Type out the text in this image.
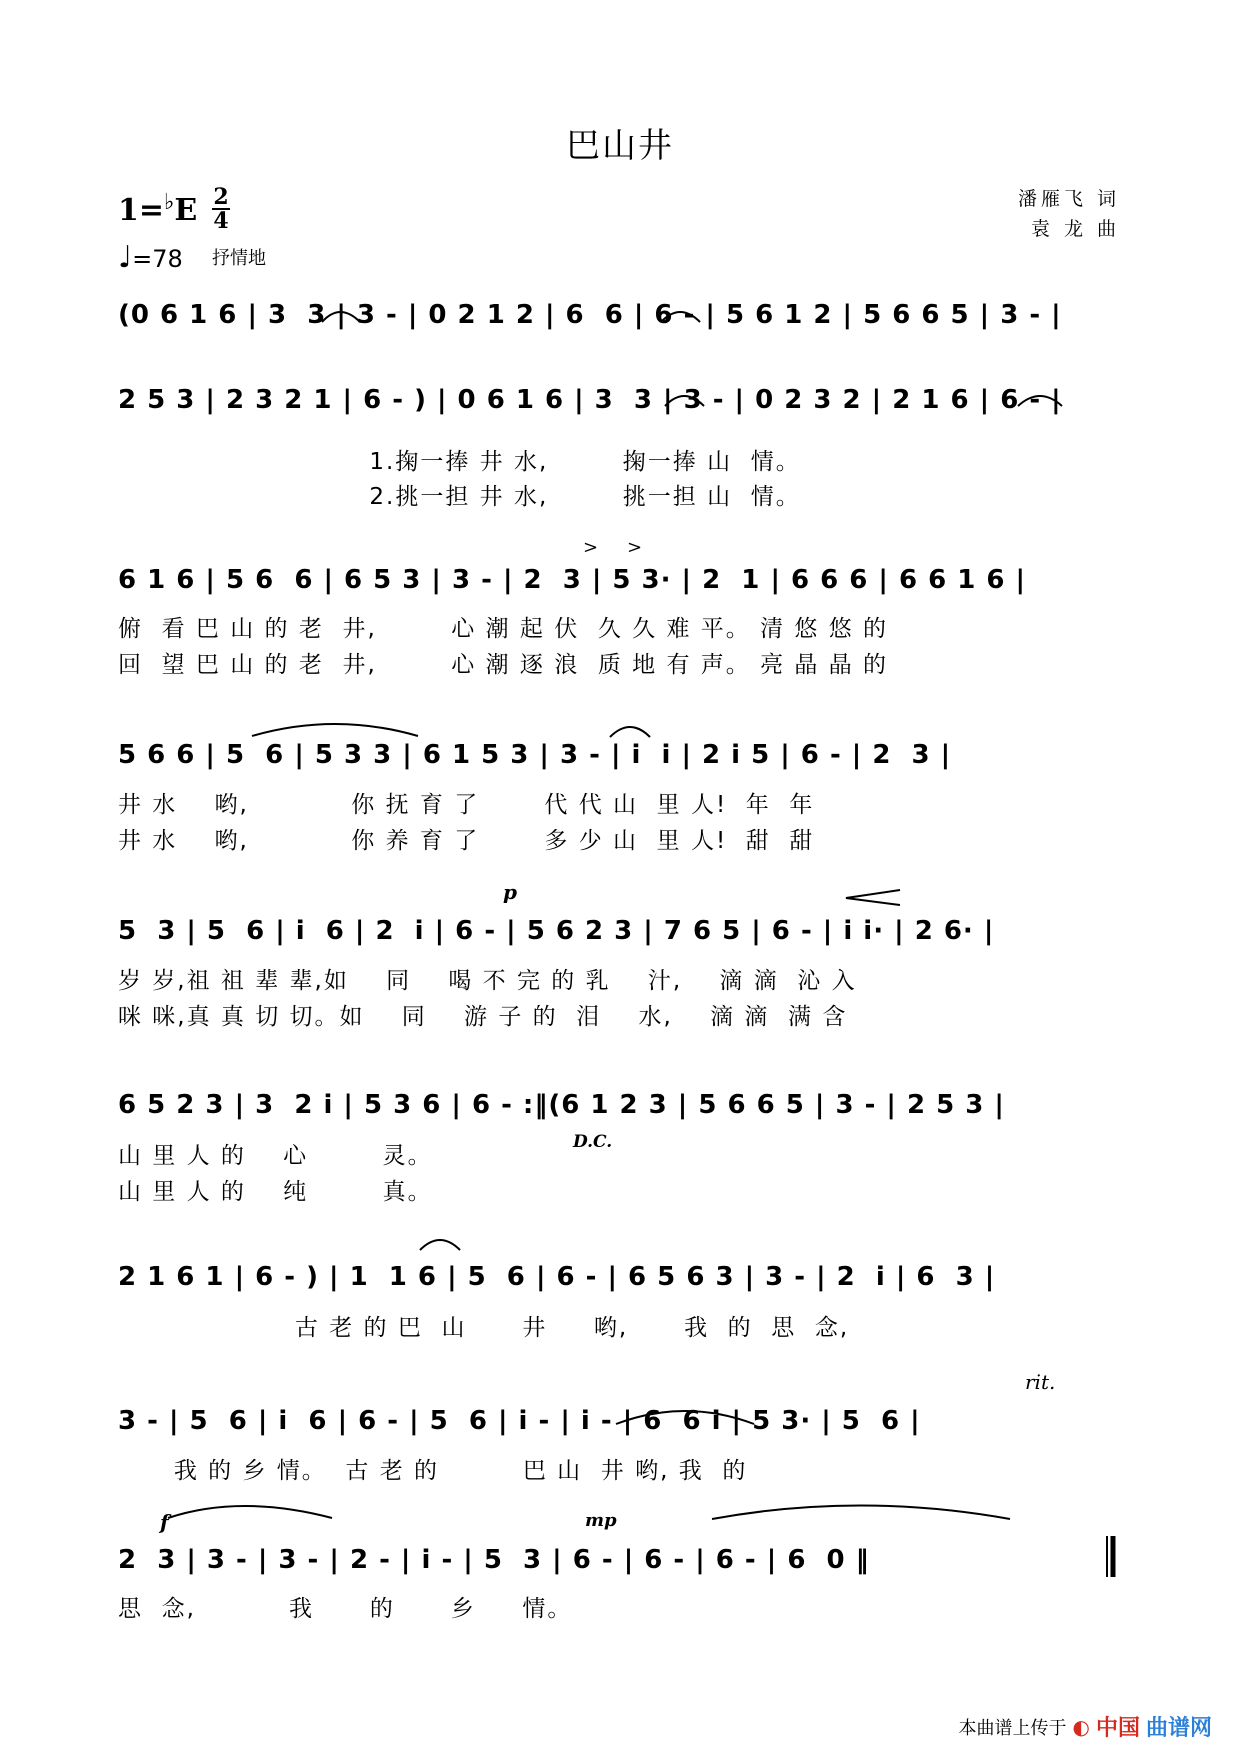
巴山井
1=♭E 2
4
♩=78 抒情地
潘雁飞 词
袁 龙 曲
(0 6 1 6 | 3  3 | 3 - | 0 2 1 2 | 6  6 | 6 - | 5 6 1 2 | 5 6 6 5 | 3 - |
2 5 3 | 2 3 2 1 | 6 - ) | 0 6 1 6 | 3  3 | 3 - | 0 2 3 2 | 2 1 6 | 6 - |
1.掬一捧 井 水,        掬一捧 山  情。
2.挑一担 井 水,        挑一担 山  情。
6 1 6 | 5 6  6 | 6 5 3 | 3 - | 2  3 | 5 3· | 2  1 | 6 6 6 | 6 6 1 6 |
俯  看 巴 山 的 老  井,        心 潮 起 伏  久 久 难 平。 清 悠 悠 的
回  望 巴 山 的 老  井,        心 潮 逐 浪  质 地 有 声。 亮 晶 晶 的
5 6 6 | 5  6 | 5 3 3 | 6 1 5 3 | 3 - | i  i | 2 i 5 | 6 - | 2  3 |
井 水    哟,           你 抚 育 了       代 代 山  里 人!  年  年
井 水    哟,           你 养 育 了       多 少 山  里 人!  甜  甜
5  3 | 5  6 | i  6 | 2  i | 6 - | 5 6 2 3 | 7 6 5 | 6 - | i i· | 2 6· |
岁 岁,祖 祖 辈 辈,如    同    喝 不 完 的 乳    汁,    滴 滴  沁 入
咪 咪,真 真 切 切。如    同    游 子 的  泪    水,    滴 滴  满 含
6 5 2 3 | 3  2 i | 5 3 6 | 6 - :‖(6 1 2 3 | 5 6 6 5 | 3 - | 2 5 3 |
山 里 人 的    心        灵。
山 里 人 的    纯        真。
2 1 6 1 | 6 - ) | 1  1 6 | 5  6 | 6 - | 6 5 6 3 | 3 - | 2  i | 6  3 |
古 老 的 巴  山      井     哟,      我  的  思  念,
3 - | 5  6 | i  6 | 6 - | 5  6 | i - | i - | 6  6 i | 5 3· | 5  6 |
我 的 乡 情。  古 老 的         巴 山  井 哟, 我  的
2  3 | 3 - | 3 - | 2 - | i - | 5  3 | 6 - | 6 - | 6 - | 6  0 ‖
思  念,          我      的      乡     情。
> >
p
D.C.
rit.
f	mp
本曲谱上传于 ◐ 中国 曲谱网
